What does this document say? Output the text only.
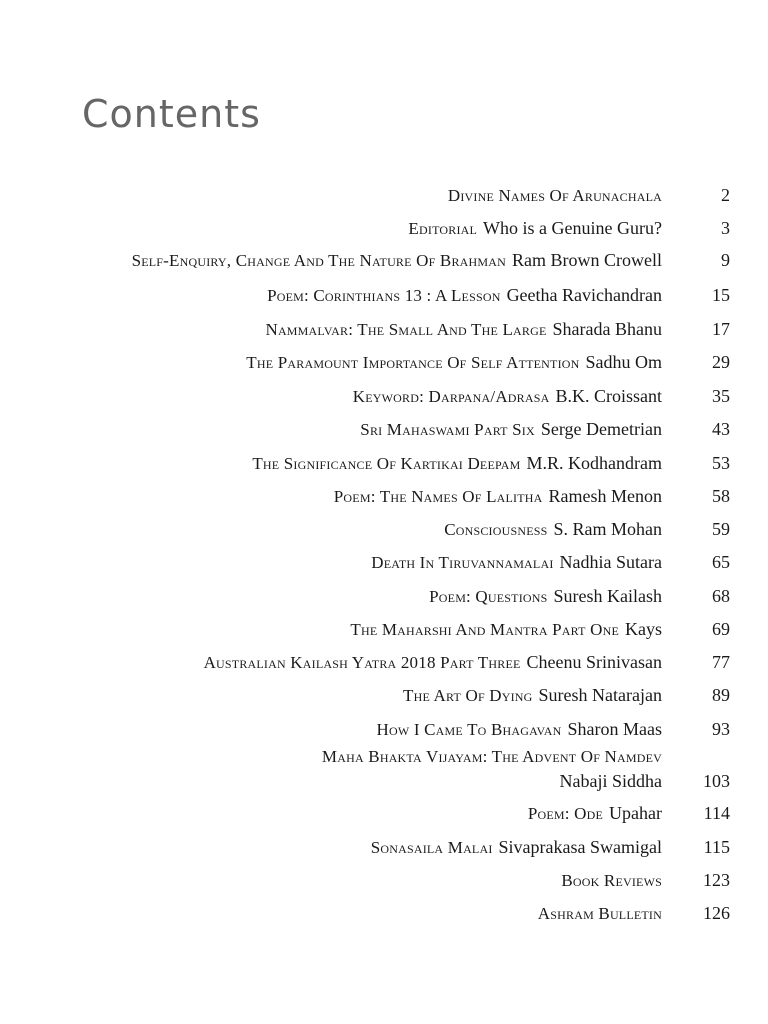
Contents
Divine Names Of Arunachala	2
Editorial Who is a Genuine Guru?	3
Self-Enquiry, Change And The Nature Of Brahman Ram Brown Crowell	9
Poem: Corinthians 13 : A Lesson Geetha Ravichandran	15
Nammalvar: The Small And The Large Sharada Bhanu	17
The Paramount Importance Of Self Attention Sadhu Om	29
Keyword: Darpana/Adrasa B.K. Croissant	35
Sri Mahaswami Part Six Serge Demetrian	43
The Significance Of Kartikai Deepam M.R. Kodhandram	53
Poem: The Names Of Lalitha Ramesh Menon	58
Consciousness S. Ram Mohan	59
Death In Tiruvannamalai Nadhia Sutara	65
Poem: Questions Suresh Kailash	68
The Maharshi And Mantra Part One Kays	69
Australian Kailash Yatra 2018 Part Three Cheenu Srinivasan	77
The Art Of Dying Suresh Natarajan	89
How I Came To Bhagavan Sharon Maas	93
Maha Bhakta Vijayam: The Advent Of Namdev
Nabaji Siddha 103
Poem: Ode Upahar 114
Sonasaila Malai Sivaprakasa Swamigal 115
Book Reviews 123
Ashram Bulletin 126
